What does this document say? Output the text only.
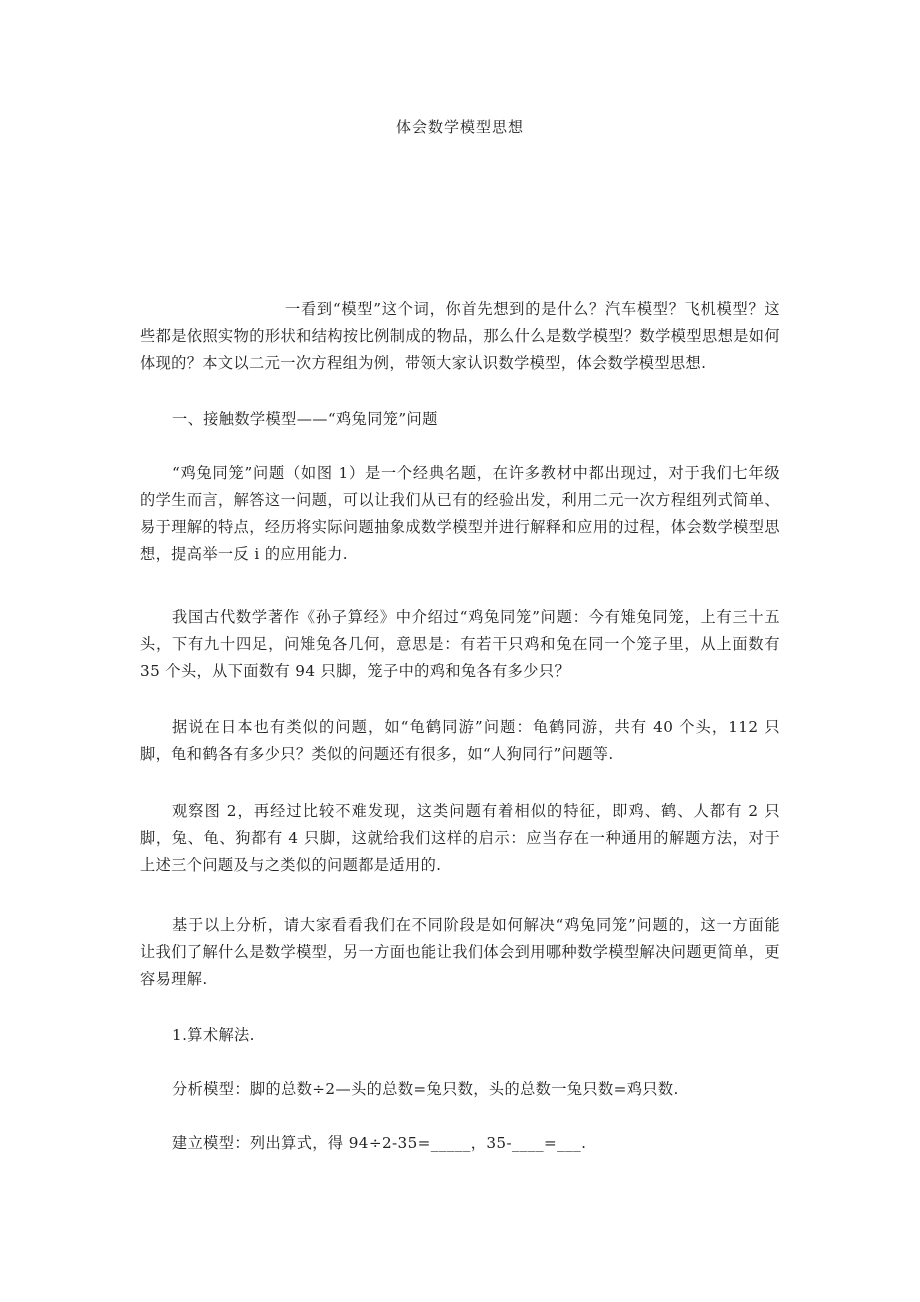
体会数学模型思想

一看到“模型”这个词，你首先想到的是什么？汽车模型？飞机模型？这些都是依照实物的形状和结构按比例制成的物品，那么什么是数学模型？数学模型思想是如何体现的？本文以二元一次方程组为例，带领大家认识数学模型，体会数学模型思想.

一、接触数学模型——“鸡兔同笼”问题

“鸡兔同笼”问题（如图 1）是一个经典名题，在许多教材中都出现过，对于我们七年级的学生而言，解答这一问题，可以让我们从已有的经验出发，利用二元一次方程组列式简单、易于理解的特点，经历将实际问题抽象成数学模型并进行解释和应用的过程，体会数学模型思想，提高举一反 i 的应用能力.

我国古代数学著作《孙子算经》中介绍过“鸡兔同笼”问题：今有雉兔同笼，上有三十五头，下有九十四足，问雉兔各几何，意思是：有若干只鸡和兔在同一个笼子里，从上面数有 35 个头，从下面数有 94 只脚，笼子中的鸡和兔各有多少只？

据说在日本也有类似的问题，如“龟鹤同游”问题：龟鹤同游，共有 40 个头，112 只脚，龟和鹤各有多少只？类似的问题还有很多，如“人狗同行”问题等.

观察图 2，再经过比较不难发现，这类问题有着相似的特征，即鸡、鹤、人都有 2 只脚，兔、龟、狗都有 4 只脚，这就给我们这样的启示：应当存在一种通用的解题方法，对于上述三个问题及与之类似的问题都是适用的.

基于以上分析，请大家看看我们在不同阶段是如何解决“鸡兔同笼”问题的，这一方面能让我们了解什么是数学模型，另一方面也能让我们体会到用哪种数学模型解决问题更简单，更容易理解.

1.算术解法.

分析模型：脚的总数÷2—头的总数=兔只数，头的总数一兔只数=鸡只数.

建立模型：列出算式，得 94÷2-35=_____，35-____=___.
